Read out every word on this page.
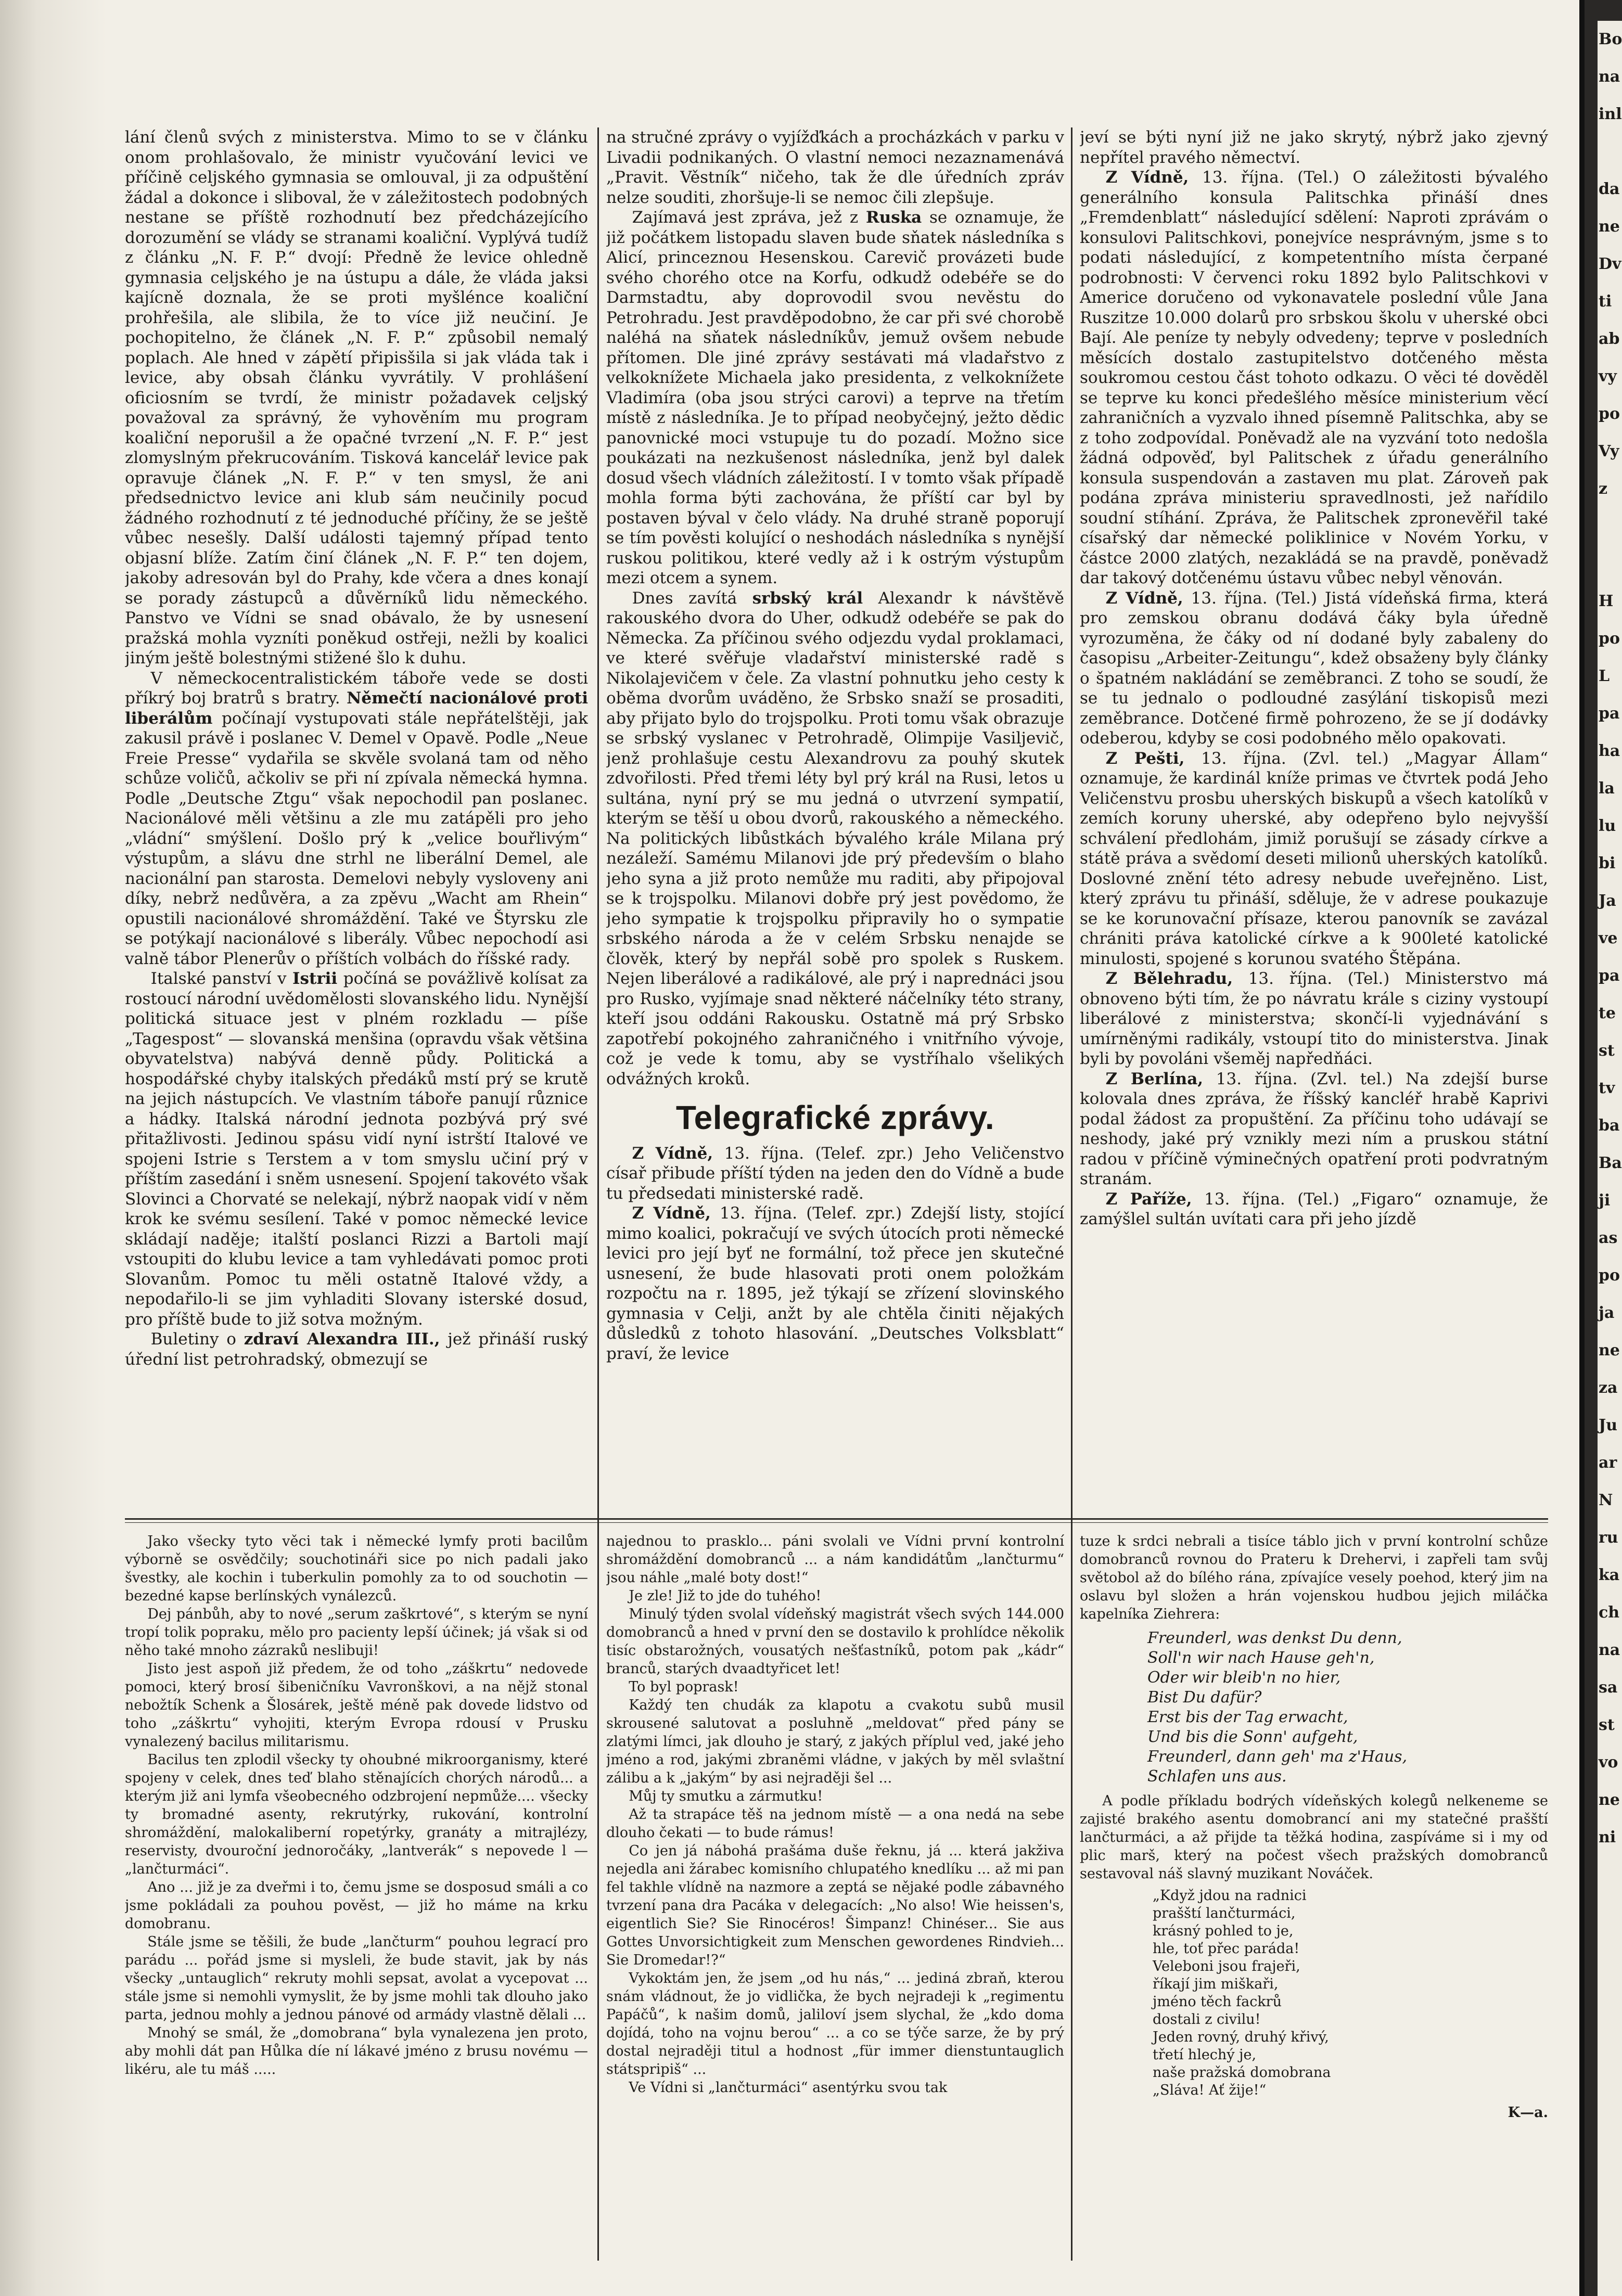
lání členů svých z ministerstva. Mimo to se v článku onom prohlašovalo, že ministr vyučování levici ve příčině celjského gymnasia se omlouval, ji za odpuštění žádal a dokonce i sliboval, že v záležitostech podobných nestane se příště rozhodnutí bez předcházejícího dorozumění se vlády se stranami koaliční. Vyplývá tudíž z článku „N. F. P.“ dvojí: Předně že levice ohledně gymnasia celjského je na ústupu a dále, že vláda jaksi kajícně doznala, že se proti myšlénce koaliční prohřešila, ale slibila, že to více již neučiní. Je pochopitelno, že článek „N. F. P.“ způsobil nemalý poplach. Ale hned v zápětí připisšila si jak vláda tak i levice, aby obsah článku vyvrátily. V prohlášení oficiosním se tvrdí, že ministr požadavek celjský považoval za správný, že vyhověním mu program koaliční neporušil a že opačné tvrzení „N. F. P.“ jest zlomyslným překrucováním. Tisková kancelář levice pak opravuje článek „N. F. P.“ v ten smysl, že ani předsednictvo levice ani klub sám neučinily pocud žádného rozhodnutí z té jednoduché příčiny, že se ještě vůbec nesešly. Další události tajemný případ tento objasní blíže. Zatím činí článek „N. F. P.“ ten dojem, jakoby adresován byl do Prahy, kde včera a dnes konají se porady zástupců a důvěrníků lidu německého. Panstvo ve Vídni se snad obávalo, že by usnesení pražská mohla vyzníti poněkud ostřeji, nežli by koalici jiným ještě bolestnými stižené šlo k duhu.

V německocentralistickém táboře vede se dosti příkrý boj bratrů s bratry. Němečtí nacionálové proti liberálům počínají vystupovati stále nepřátelštěji, jak zakusil právě i poslanec V. Demel v Opavě. Podle „Neue Freie Presse“ vydařila se skvěle svolaná tam od něho schůze voličů, ačkoliv se při ní zpívala německá hymna. Podle „Deutsche Ztgu“ však nepochodil pan poslanec. Nacionálové měli většinu a zle mu zatápěli pro jeho „vládní“ smýšlení. Došlo prý k „velice bouřlivým“ výstupům, a slávu dne strhl ne liberální Demel, ale nacionální pan starosta. Demelovi nebyly vysloveny ani díky, nebrž nedůvěra, a za zpěvu „Wacht am Rhein“ opustili nacionálové shromáždění. Také ve Štyrsku zle se potýkají nacionálové s liberály. Vůbec nepochodí asi valně tábor Plenerův o příštích volbách do říšské rady.

Italské panství v Istrii počíná se povážlivě kolísat za rostoucí národní uvědomělosti slovanského lidu. Nynější politická situace jest v plném rozkladu — píše „Tagespost“ — slovanská menšina (opravdu však většina obyvatelstva) nabývá denně půdy. Politická a hospodářské chyby italských předáků mstí prý se krutě na jejich nástupcích. Ve vlastním táboře panují různice a hádky. Italská národní jednota pozbývá prý své přitažlivosti. Jedinou spásu vidí nyní istrští Italové ve spojeni Istrie s Terstem a v tom smyslu učiní prý v příštím zasedání i sněm usnesení. Spojení takovéto však Slovinci a Chorvaté se nelekají, nýbrž naopak vidí v něm krok ke svému sesílení. Také v pomoc německé levice skládají naděje; italští poslanci Rizzi a Bartoli mají vstoupiti do klubu levice a tam vyhledávati pomoc proti Slovanům. Pomoc tu měli ostatně Italové vždy, a nepodařilo-li se jim vyhladiti Slovany isterské dosud, pro příště bude to již sotva možným.

Buletiny o zdraví Alexandra III., jež přináší ruský úřední list petrohradský, obmezují se

na stručné zprávy o vyjížďkách a procházkách v parku v Livadii podnikaných. O vlastní nemoci nezaznamenává „Pravit. Věstník“ ničeho, tak že dle úředních zpráv nelze souditi, zhoršuje-li se nemoc čili zlepšuje.

Zajímavá jest zpráva, jež z Ruska se oznamuje, že již počátkem listopadu slaven bude sňatek následníka s Alicí, princeznou Hesenskou. Carevič provázeti bude svého chorého otce na Korfu, odkudž odebéře se do Darmstadtu, aby doprovodil svou nevěstu do Petrohradu. Jest pravděpodobno, že car při své chorobě naléhá na sňatek následníkův, jemuž ovšem nebude přítomen. Dle jiné zprávy sestávati má vladařstvo z velkoknížete Michaela jako presidenta, z velkoknížete Vladimíra (oba jsou strýci carovi) a teprve na třetím místě z následníka. Je to případ neobyčejný, ježto dědic panovnické moci vstupuje tu do pozadí. Možno sice poukázati na nezkušenost následníka, jenž byl dalek dosud všech vládních záležitostí. I v tomto však případě mohla forma býti zachována, že příští car byl by postaven býval v čelo vlády. Na druhé straně poporují se tím pověsti kolující o neshodách následníka s nynější ruskou politikou, které vedly až i k ostrým výstupům mezi otcem a synem.

Dnes zavítá srbský král Alexandr k návštěvě rakouského dvora do Uher, odkudž odebéře se pak do Německa. Za příčinou svého odjezdu vydal proklamaci, ve které svěřuje vladařství ministerské radě s Nikolajevičem v čele. Za vlastní pohnutku jeho cesty k oběma dvorům uváděno, že Srbsko snaží se prosaditi, aby přijato bylo do trojspolku. Proti tomu však obrazuje se srbský vyslanec v Petrohradě, Olimpije Vasiljevič, jenž prohlašuje cestu Alexandrovu za pouhý skutek zdvořilosti. Před třemi léty byl prý král na Rusi, letos u sultána, nyní prý se mu jedná o utvrzení sympatií, kterým se těší u obou dvorů, rakouského a německého. Na politických libůstkách bývalého krále Milana prý nezáleží. Samému Milanovi jde prý především o blaho jeho syna a již proto nemůže mu raditi, aby připojoval se k trojspolku. Milanovi dobře prý jest povědomo, že jeho sympatie k trojspolku připravily ho o sympatie srbského národa a že v celém Srbsku nenajde se člověk, který by nepřál sobě pro spolek s Ruskem. Nejen liberálové a radikálové, ale prý i naprednáci jsou pro Rusko, vyjímaje snad některé náčelníky této strany, kteří jsou oddáni Rakousku. Ostatně má prý Srbsko zapotřebí pokojného zahraničného i vnitřního vývoje, což je vede k tomu, aby se vystříhalo všelikých odvážných kroků.

Telegrafické zprávy.

Z Vídně, 13. října. (Telef. zpr.) Jeho Veličenstvo císař přibude příští týden na jeden den do Vídně a bude tu předsedati ministerské radě.

Z Vídně, 13. října. (Telef. zpr.) Zdejší listy, stojící mimo koalici, pokračují ve svých útocích proti německé levici pro její byť ne formální, tož přece jen skutečné usnesení, že bude hlasovati proti onem položkám rozpočtu na r. 1895, jež týkají se zřízení slovinského gymnasia v Celji, anžt by ale chtěla činiti nějakých důsledků z tohoto hlasování. „Deutsches Volksblatt“ praví, že levice

jeví se býti nyní již ne jako skrytý, nýbrž jako zjevný nepřítel pravého němectví.

Z Vídně, 13. října. (Tel.) O záležitosti bývalého generálního konsula Palitschka přináší dnes „Fremdenblatt“ následující sdělení: Naproti zprávám o konsulovi Palitschkovi, ponejvíce nesprávným, jsme s to podati následující, z kompetentního místa čerpané podrobnosti: V červenci roku 1892 bylo Palitschkovi v Americe doručeno od vykonavatele poslední vůle Jana Ruszitze 10.000 dolarů pro srbskou školu v uherské obci Bají. Ale peníze ty nebyly odvedeny; teprve v posledních měsících dostalo zastupitelstvo dotčeného města soukromou cestou část tohoto odkazu. O věci té dověděl se teprve ku konci předešlého měsíce ministerium věcí zahraničních a vyzvalo ihned písemně Palitschka, aby se z toho zodpovídal. Poněvadž ale na vyzvání toto nedošla žádná odpověď, byl Palitschek z úřadu generálního konsula suspendován a zastaven mu plat. Zároveň pak podána zpráva ministeriu spravedlnosti, jež nařídilo soudní stíhání. Zpráva, že Palitschek zpronevěřil také císařský dar německé poliklinice v Novém Yorku, v částce 2000 zlatých, nezakládá se na pravdě, poněvadž dar takový dotčenému ústavu vůbec nebyl věnován.

Z Vídně, 13. října. (Tel.) Jistá vídeňská firma, která pro zemskou obranu dodává čáky byla úředně vyrozuměna, že čáky od ní dodané byly zabaleny do časopisu „Arbeiter-Zeitungu“, kdež obsaženy byly články o špatném nakládání se zeměbranci. Z toho se soudí, že se tu jednalo o podloudné zasýlání tiskopisů mezi zeměbrance. Dotčené firmě pohrozeno, že se jí dodávky odeberou, kdyby se cosi podobného mělo opakovati.

Z Pešti, 13. října. (Zvl. tel.) „Magyar Állam“ oznamuje, že kardinál kníže primas ve čtvrtek podá Jeho Veličenstvu prosbu uherských biskupů a všech katolíků v zemích koruny uherské, aby odepřeno bylo nejvyšší schválení předlohám, jimiž porušují se zásady církve a státě práva a svědomí deseti milionů uherských katolíků. Doslovné znění této adresy nebude uveřejněno. List, který zprávu tu přináší, sděluje, že v adrese poukazuje se ke korunovační přísaze, kterou panovník se zavázal chrániti práva katolické církve a k 900leté katolické minulosti, spojené s korunou svatého Štěpána.

Z Bělehradu, 13. října. (Tel.) Ministerstvo má obnoveno býti tím, že po návratu krále s ciziny vystoupí liberálové z ministerstva; skončí-li vyjednávání s umírněnými radikály, vstoupí tito do ministerstva. Jinak byli by povoláni všeměj napředňáci.

Z Berlína, 13. října. (Zvl. tel.) Na zdejší burse kolovala dnes zpráva, že říšský kancléř hrabě Kaprivi podal žádost za propuštění. Za příčinu toho udávají se neshody, jaké prý vznikly mezi ním a pruskou státní radou v příčině výminečných opatření proti podvratným stranám.

Z Paříže, 13. října. (Tel.) „Figaro“ oznamuje, že zamýšlel sultán uvítati cara při jeho jízdě

Jako všecky tyto věci tak i německé lymfy proti bacilům výborně se osvědčily; souchotináři sice po nich padali jako švestky, ale kochin i tuberkulin pomohly za to od souchotin — bezedné kapse berlínských vynálezců.

Dej pánbůh, aby to nové „serum zaškrtové“, s kterým se nyní tropí tolik popraku, mělo pro pacienty lepší účinek; já však si od něho také mnoho zázraků neslibuji!

Jisto jest aspoň již předem, že od toho „záškrtu“ nedovede pomoci, který brosí šibeničníku Vavronškovi, a na nějž stonal nebožtík Schenk a Šlosárek, ještě méně pak dovede lidstvo od toho „záškrtu“ vyhojiti, kterým Evropa rdousí v Prusku vynalezený bacilus militarismu.

Bacilus ten zplodil všecky ty ohoubné mikroorganismy, které spojeny v celek, dnes teď blaho stěnajících chorých národů... a kterým již ani lymfa všeobecného odzbrojení nepmůže.... všecky ty bromadné asenty, rekrutýrky, rukování, kontrolní shromáždění, malokaliberní ropetýrky, granáty a mitrajlézy, reservisty, dvouroční jednoročáky, „lantverák“ s nepovede l — „lančturmáci“.

Ano ... již je za dveřmi i to, čemu jsme se dosposud smáli a co jsme pokládali za pouhou pověst, — již ho máme na krku domobranu.

Stále jsme se těšili, že bude „lančturm“ pouhou legrací pro parádu ... pořád jsme si mysleli, že bude stavit, jak by nás všecky „untauglich“ rekruty mohli sepsat, avolat a vycepovat ... stále jsme si nemohli vymyslit, že by jsme mohli tak dlouho jako parta, jednou mohly a jednou pánové od armády vlastně dělali ...

Mnohý se smál, že „domobrana“ byla vynalezena jen proto, aby mohli dát pan Hůlka díe ní lákavé jméno z brusu novému — likéru, ale tu máš .....

najednou to prasklo... páni svolali ve Vídni první kontrolní shromáždění domobranců ... a nám kandidátům „lančturmu“ jsou náhle „malé boty dost!“

Je zle! Již to jde do tuhého!

Minulý týden svolal vídeňský magistrát všech svých 144.000 domobranců a hned v první den se dostavilo k prohlídce několik tisíc obstarožných, vousatých nešťastníků, potom pak „kádr“ branců, starých dvaadtyřicet let!

To byl poprask!

Každý ten chudák za klapotu a cvakotu subů musil skrousené salutovat a posluhně „meldovat“ před pány se zlatými límci, jak dlouho je starý, z jakých příplul ved, jaké jeho jméno a rod, jakými zbraněmi vládne, v jakých by měl svlaštní zálibu a k „jakým“ by asi nejraději šel ...

Můj ty smutku a zármutku!

Až ta strapáce těš na jednom místě — a ona nedá na sebe dlouho čekati — to bude rámus!

Co jen já nábohá prašáma duše řeknu, já ... která jakživa nejedla ani žárabec komisního chlupatého knedlíku ... až mi pan fel takhle vlídně na nazmore a zeptá se nějaké podle zábavného tvrzení pana dra Pacáka v delegacích: „No also! Wie heissen's, eigentlich Sie? Sie Rinocéros! Šimpanz! Chinéser... Sie aus Gottes Unvorsichtigkeit zum Menschen gewordenes Rindvieh... Sie Dromedar!?“

Vykoktám jen, že jsem „od hu nás,“ ... jediná zbraň, kterou snám vládnout, že jo vidlička, že bych nejradeji k „regimentu Papáčů“, k našim domů, jaliloví jsem slychal, že „kdo doma dojídá, toho na vojnu berou“ ... a co se týče sarze, že by prý dostal nejraději titul a hodnost „für immer dienstuntauglich státspripiš“ ...

Ve Vídni si „lančturmáci“ asentýrku svou tak

tuze k srdci nebrali a tisíce táblo jich v první kontrolní schůze domobranců rovnou do Prateru k Drehervi, i zapřeli tam svůj světobol až do bílého rána, zpívajíce vesely poehod, který jim na oslavu byl složen a hrán vojenskou hudbou jejich miláčka kapelníka Ziehrera:

Freunderl, was denkst Du denn,
Soll'n wir nach Hause geh'n,
Oder wir bleib'n no hier,
Bist Du dafür?
Erst bis der Tag erwacht,
Und bis die Sonn' aufgeht,
Freunderl, dann geh' ma z'Haus,
Schlafen uns aus.

A podle příkladu bodrých vídeňských kolegů nelkeneme se zajisté brakého asentu domobrancí ani my statečné prašští lančturmáci, a až přijde ta těžká hodina, zaspíváme si i my od plic marš, který na počest všech pražských domobranců sestavoval náš slavný muzikant Nováček.

„Když jdou na radnici
prašští lančturmáci,
krásný pohled to je,
hle, toť přec paráda!
Veleboni jsou frajeři,
říkají jim miškaři,
jméno těch fackrů
dostali z civilu!
Jeden rovný, druhý křivý,
třetí hlechý je,
naše pražská domobrana
„Sláva! Ať žije!“
K—a.
Bo
na
inl

da
ne
Dv
ti
ab
vy
po
Vy
z

H
po
L
pa
ha
la
lu
bi
Ja
ve
pa
te
st
tv
ba
Ba
ji
as
po
ja
ne
za
Ju
ar
N
ru
ka
ch
na
sa
st
vo
ne
ni
